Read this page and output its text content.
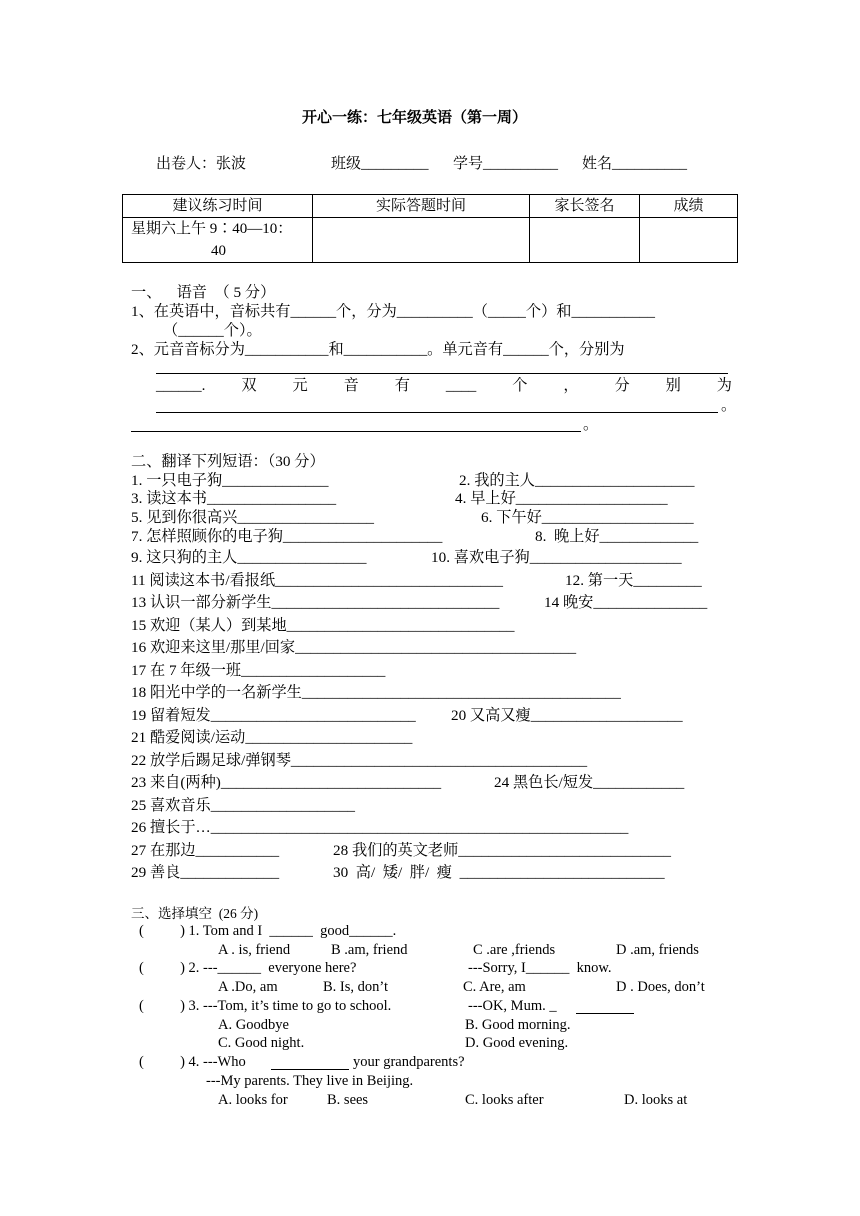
开心一练：七年级英语（第一周）
出卷人：张波	班级_________ 学号__________ 姓名__________
建议练习时间	实际答题时间	家长签名	成绩

星期六上午 9∶40—10：
40			

一、    语音  （ 5 分）
1、在英语中，音标共有______个，分为__________（_____个）和___________
（______个）。
2、元音音标分为___________和___________。单元音有______个，分别为
______. 双 元 音 有 ____ 个 ， 分 别 为
。
。
二、翻译下列短语：（30 分）
1. 一只电子狗______________	2. 我的主人_____________________
3. 读这本书_________________	4. 早上好____________________
5. 见到你很高兴__________________	6. 下午好____________________
7. 怎样照顾你的电子狗_____________________	8.  晚上好_____________
9. 这只狗的主人_________________	10. 喜欢电子狗____________________
11 阅读这本书/看报纸______________________________	12. 第一天_________
13 认识一部分新学生______________________________	14 晚安_______________
15 欢迎（某人）到某地______________________________
16 欢迎来这里/那里/回家_____________________________________
17 在 7 年级一班___________________
18 阳光中学的一名新学生__________________________________________
19 留着短发___________________________ 20 又高又瘦____________________
21 酷爱阅读/运动______________________
22 放学后踢足球/弹钢琴_______________________________________
23 来自(两种)_____________________________	24 黑色长/短发____________
25 喜欢音乐___________________
26 擅长于…_______________________________________________________
27 在那边___________	28 我们的英文老师____________________________
29 善良_____________	30  高/  矮/  胖/  瘦  ___________________________
三、选择填空  (26 分)
(          ) 1. Tom and I  ______  good______.
A . is, friend	B .am, friend	C .are ,friends	D .am, friends
(          ) 2. ---______  everyone here?	---Sorry, I______  know.
A .Do, am	B. Is, don’t	C. Are, am	D . Does, don’t
(          ) 3. ---Tom, it’s time to go to school.	---OK, Mum. _
A. Goodbye	B. Good morning.
C. Good night.	D. Good evening.
(          ) 4. ---Who	your grandparents?
---My parents. They live in Beijing.
A. looks for	B. sees	C. looks after	D. looks at
